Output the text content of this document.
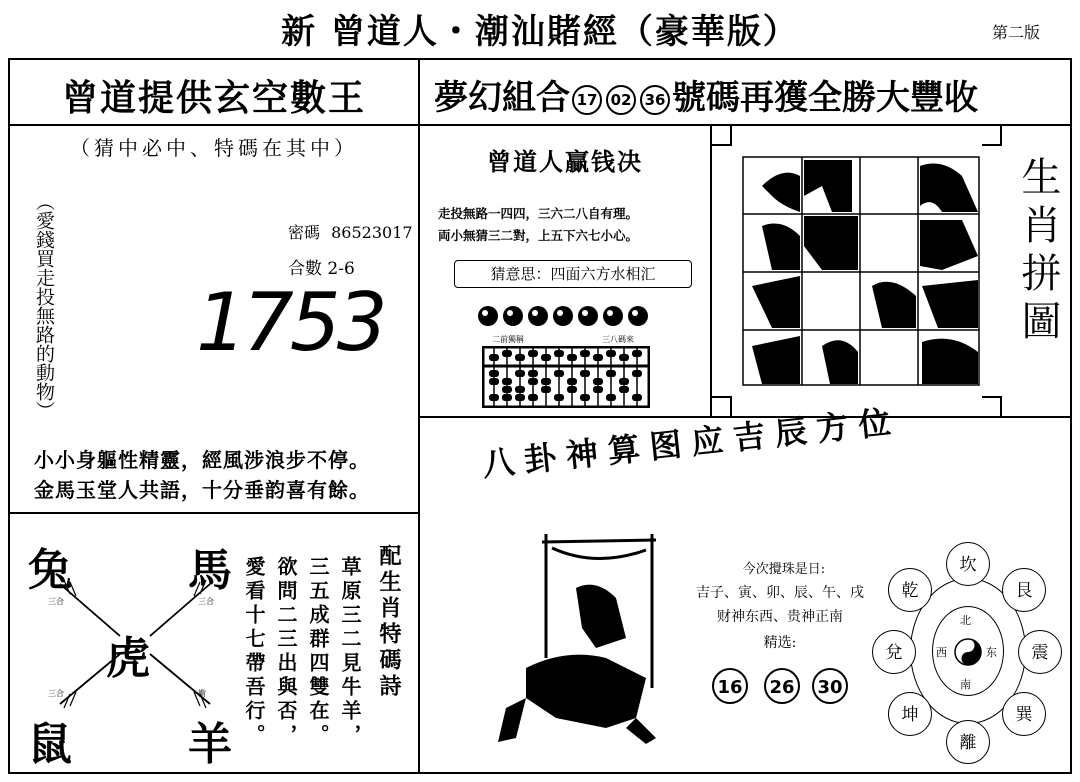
新 曾道人・潮汕賭經（豪華版）	第二版
曾道提供玄空數王
（猜中必中、特碼在其中）
（愛錢買走投無路的動物）	密碼 86523017
合數 2-6
1753
小小身軀性精靈，經風涉浪步不停。
金馬玉堂人共語，十分垂韵喜有餘。
夢幻組合 17 02 36 號碼再獲全勝大豐收
曾道人贏钱决
走投無路一四四，三六二八自有理。
両小無猜三二對，上五下六七小心。
猜意思：四面六方水相汇
二前獨稱	三八碼來	生肖拼圖
兔	馬
虎
鼠	羊
三合	三合
三合	衝	配生肖特碼詩
草原三二見牛羊，
三五成群四雙在。
欲問二三出與否，
愛看十七帶吾行。
八卦神算图应吉辰方位
今次攪珠是日:
吉子、寅、卯、辰、午、戌
财神东西、贵神正南
精选:
16	26	30
北
东
南
西
坎
艮
震
巽
離
坤
兌
乾
